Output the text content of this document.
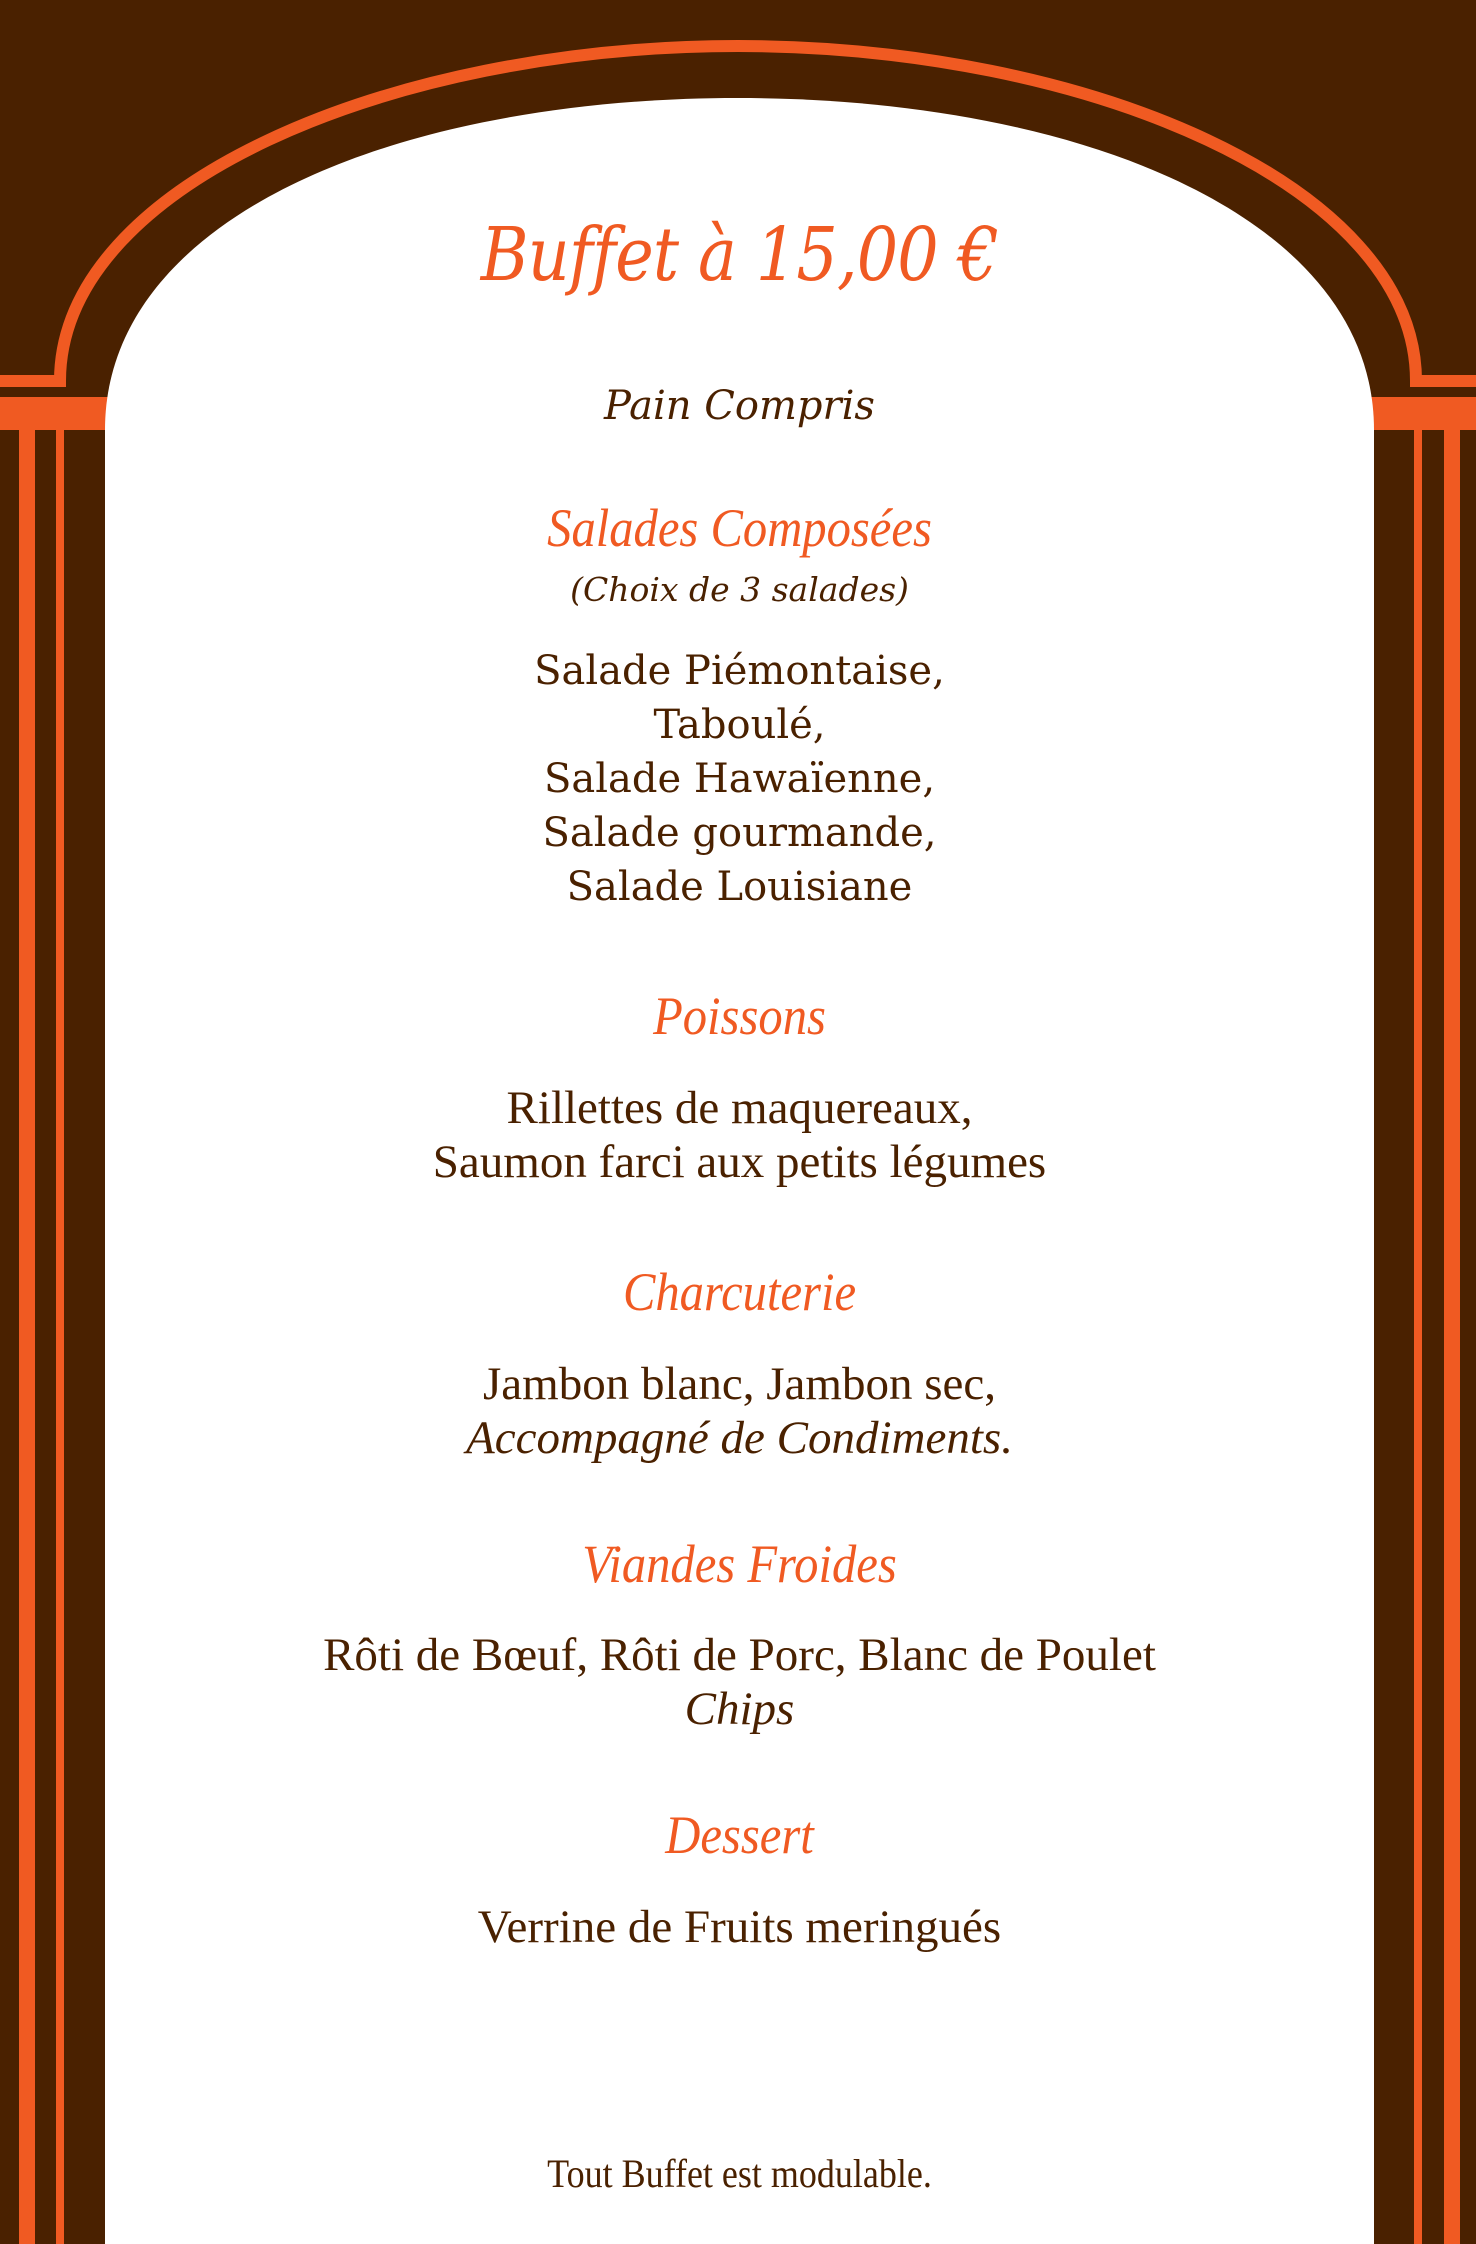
Buffet à 15,00 €
Pain Compris
Salades Composées
(Choix de 3 salades)
Salade Piémontaise,
Taboulé,
Salade Hawaïenne,
Salade gourmande,
Salade Louisiane
Poissons
Rillettes de maquereaux,
Saumon farci aux petits légumes
Charcuterie
Jambon blanc, Jambon sec,
Accompagné de Condiments.
Viandes Froides
Rôti de Bœuf, Rôti de Porc, Blanc de Poulet
Chips
Dessert
Verrine de Fruits meringués
Tout Buffet est modulable.
